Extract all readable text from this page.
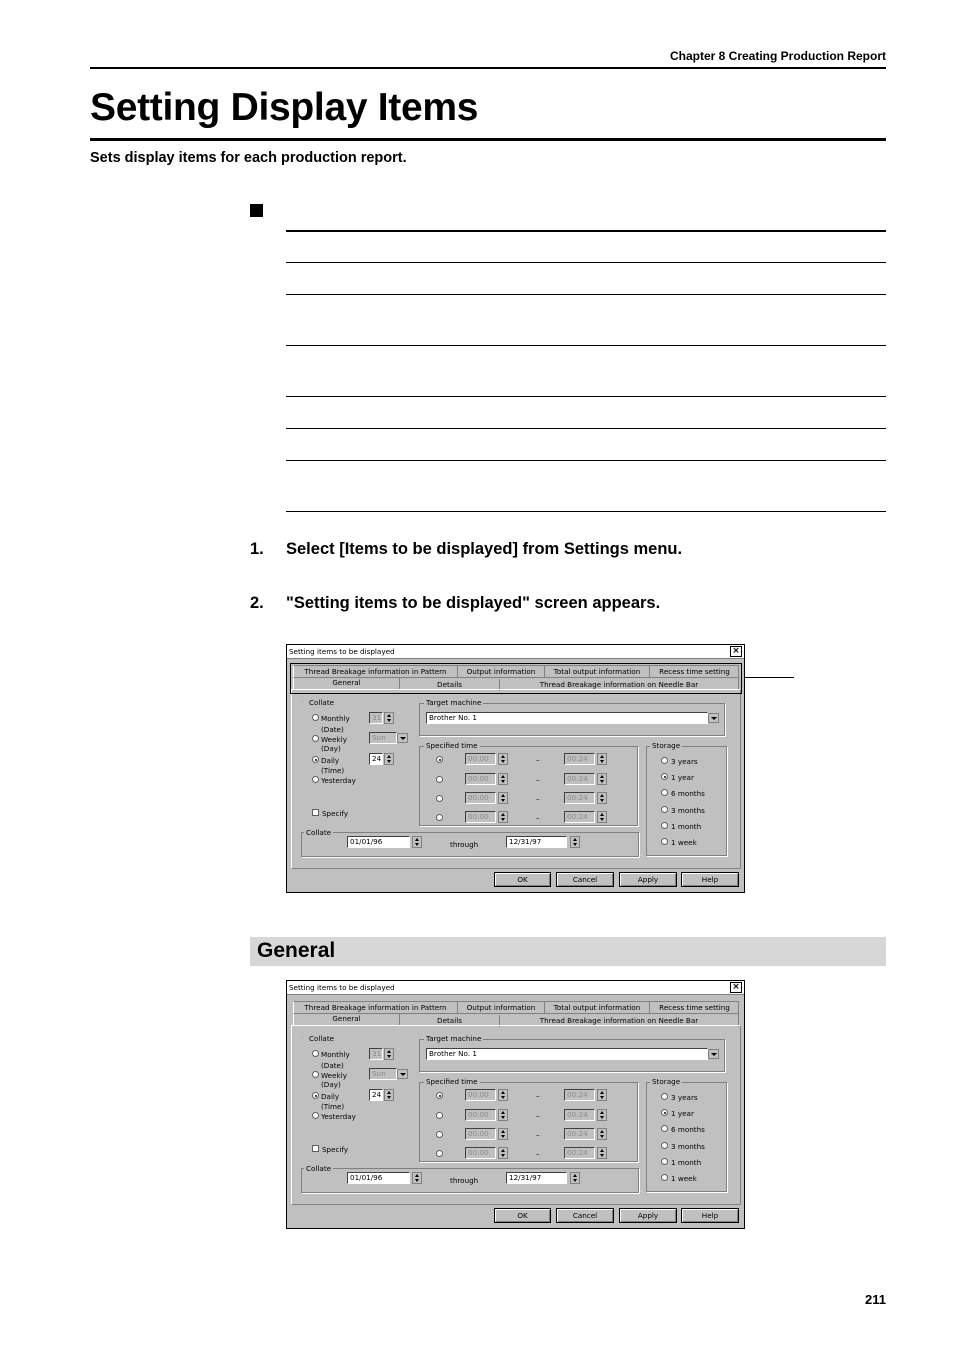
Chapter 8 Creating Production Report
Setting Display Items
Sets display items for each production report.
1. Select [Items to be displayed] from Settings menu.
2. "Setting items to be displayed" screen appears.
General
211
Setting items to be displayed	×
Thread Breakage information in Pattern	Output information	Total output information	Recess time setting
General	Details	Thread Breakage information on Needle Bar
· Collate
Monthly
(Date)
31
Weekly
(Day)
Sun
Daily
(Time)
24
Yesterday
Specify
Target machine
Brother No. 1
Specified time
00:00	–	00:24
00:00	–	00:24
00:00	–	00:24
00:00	–	00:24
Storage
3 years
1 year
6 months
3 months
1 month
1 week
Collate
01/01/96	through	12/31/97
OK	Cancel	Apply	Help
Setting items to be displayed	×
Thread Breakage information in Pattern	Output information	Total output information	Recess time setting
General	Details	Thread Breakage information on Needle Bar
· Collate
Monthly
(Date)
31
Weekly
(Day)
Sun
Daily
(Time)
24
Yesterday
Specify
Target machine
Brother No. 1
Specified time
00:00	–	00:24
00:00	–	00:24
00:00	–	00:24
00:00	–	00:24
Storage
3 years
1 year
6 months
3 months
1 month
1 week
Collate
01/01/96	through	12/31/97
OK	Cancel	Apply	Help
